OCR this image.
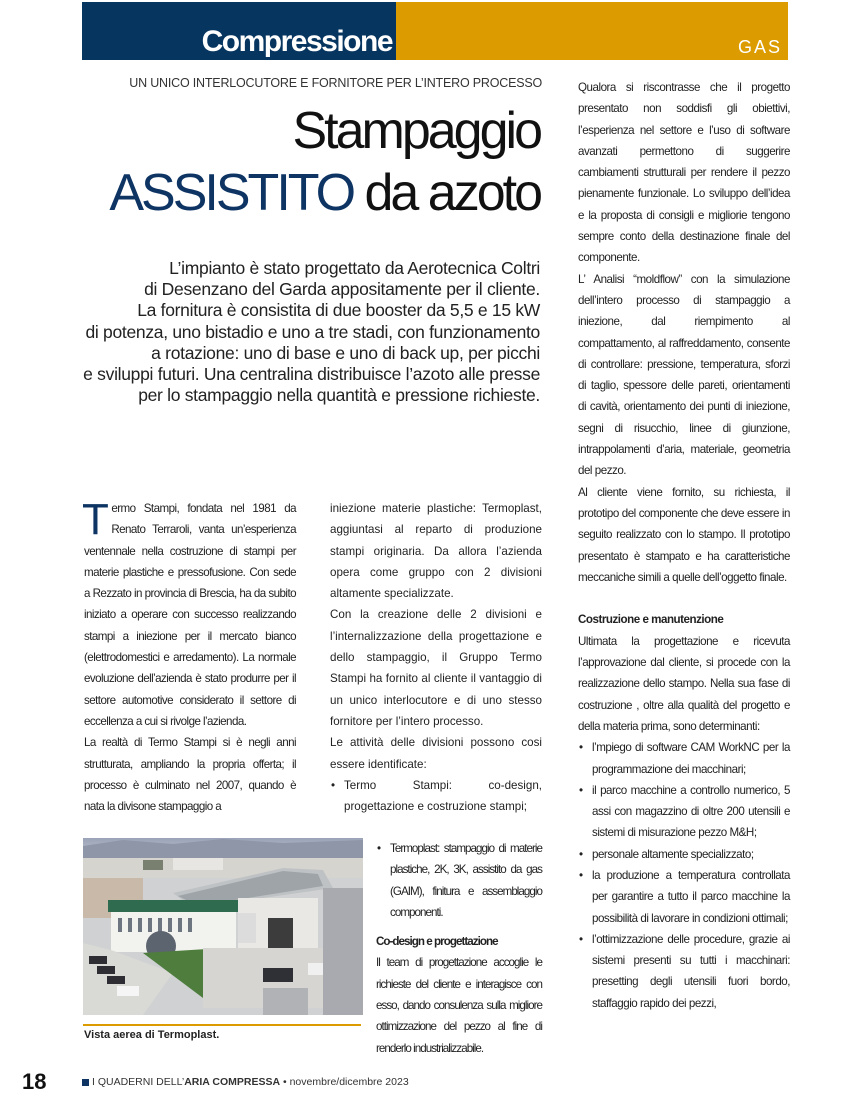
Compressione	GAS
UN UNICO INTERLOCUTORE E FORNITORE PER L’INTERO PROCESSO
Stampaggio
ASSISTITO da azoto
L’impianto è stato progettato da Aerotecnica Coltri
di Desenzano del Garda appositamente per il cliente.
La fornitura è consistita di due booster da 5,5 e 15 kW
di potenza, uno bistadio e uno a tre stadi, con funzionamento
a rotazione: uno di base e uno di back up, per picchi
e sviluppi futuri. Una centralina distribuisce l’azoto alle presse
per lo stampaggio nella quantità e pressione richieste.

Termo Stampi, fondata nel 1981 da Renato Terraroli, vanta un’esperienza ventennale nella costruzione di stampi per materie plastiche e pressofusione. Con sede a Rezzato in provincia di Brescia, ha da subito iniziato a operare con successo realizzando stampi a iniezione per il mercato bianco (elettrodomestici e arredamento). La normale evoluzione dell’azienda è stato produrre per il settore automotive considerato il settore di eccellenza a cui si rivolge l’azienda.

La realtà di Termo Stampi si è negli anni strutturata, ampliando la propria offerta; il processo è culminato nel 2007, quando è nata la divisone stampaggio a

iniezione materie plastiche: Termoplast, aggiuntasi al reparto di produzione stampi originaria. Da allora l’azienda opera come gruppo con 2 divisioni altamente specializzate.

Con la creazione delle 2 divisioni e l’internalizzazione della progettazione e dello stampaggio, il Gruppo Termo Stampi ha fornito al cliente il vantaggio di un unico interlocutore e di uno stesso fornitore per l’intero processo.

Le attività delle divisioni possono cosi essere identificate:

• Termo Stampi: co-design, progettazione e costruzione stampi;
Vista aerea di Termoplast.
• Termoplast: stampaggio di materie plastiche, 2K, 3K, assistito da gas (GAIM), finitura e assemblaggio componenti.
Co-design e progettazione

Il team di progettazione accoglie le richieste del cliente e interagisce con esso, dando consulenza sulla migliore ottimizzazione del pezzo al fine di renderlo industrializzabile.

Qualora si riscontrasse che il progetto presentato non soddisfi gli obiettivi, l’esperienza nel settore e l’uso di software avanzati permettono di suggerire cambiamenti strutturali per rendere il pezzo pienamente funzionale. Lo sviluppo dell’idea e la proposta di consigli e migliorie tengono sempre conto della destinazione finale del componente.

L’ Analisi “moldflow” con la simulazione dell’intero processo di stampaggio a iniezione, dal riempimento al compattamento, al raffreddamento, consente di controllare: pressione, temperatura, sforzi di taglio, spessore delle pareti, orientamenti di cavità, orientamento dei punti di iniezione, segni di risucchio, linee di giunzione, intrappolamenti d’aria, materiale, geometria del pezzo.

Al cliente viene fornito, su richiesta, il prototipo del componente che deve essere in seguito realizzato con lo stampo. Il prototipo presentato è stampato e ha caratteristiche meccaniche simili a quelle dell’oggetto finale.

Costruzione e manutenzione

Ultimata la progettazione e ricevuta l’approvazione dal cliente, si procede con la realizzazione dello stampo. Nella sua fase di costruzione , oltre alla qualità del progetto e della materia prima, sono determinanti:

• l’mpiego di software CAM WorkNC per la programmazione dei macchinari;
• il parco macchine a controllo numerico, 5 assi con magazzino di oltre 200 utensili e sistemi di misurazione pezzo M&H;
• personale altamente specializzato;
• la produzione a temperatura controllata per garantire a tutto il parco macchine la possibilità di lavorare in condizioni ottimali;
• l’ottimizzazione delle procedure, grazie ai sistemi presenti su tutti i macchinari: presetting degli utensili fuori bordo, staffaggio rapido dei pezzi,
18	I QUADERNI DELL’ ARIA COMPRESSA • novembre/dicembre 2023
